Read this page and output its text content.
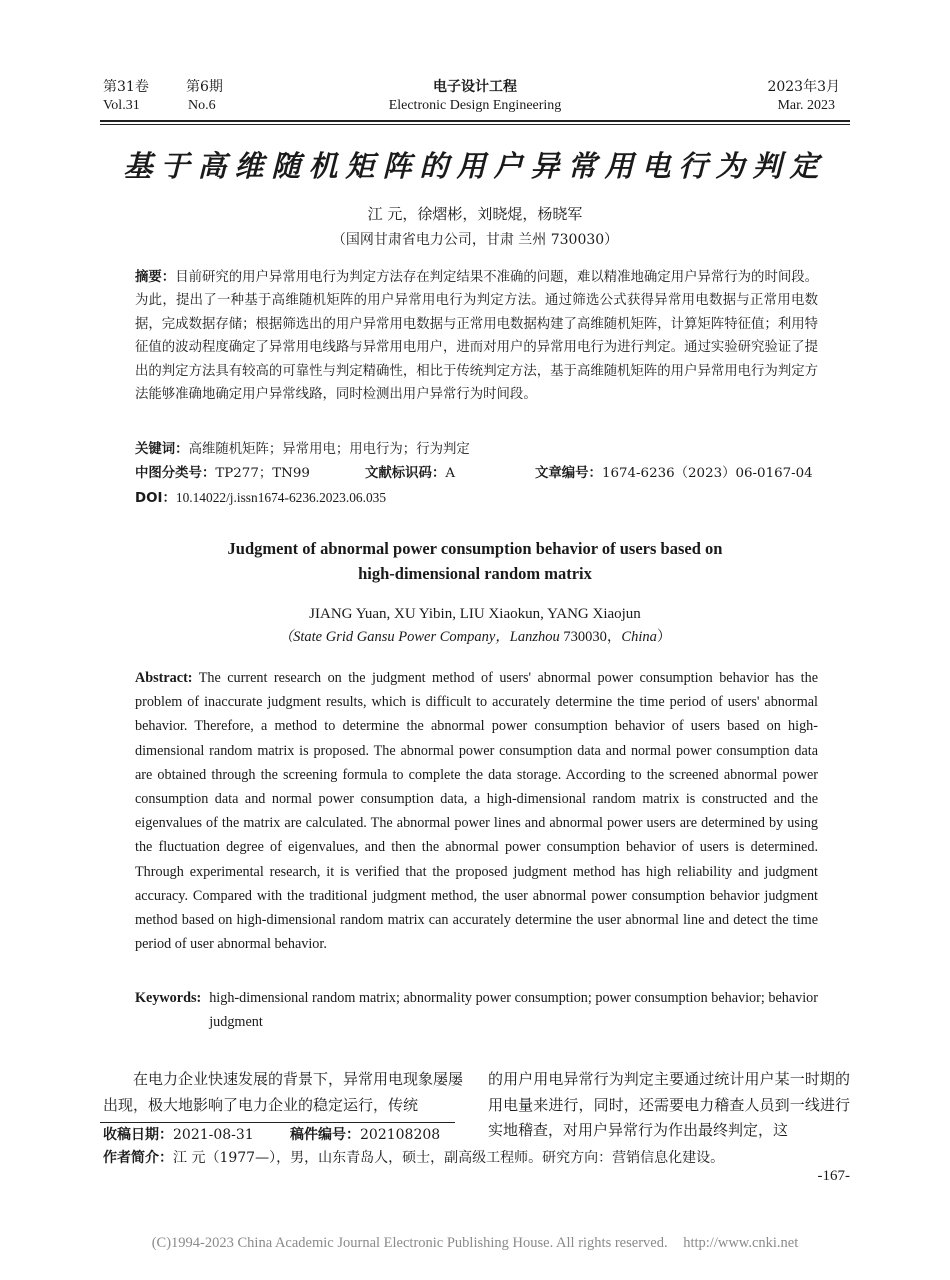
第31卷	第6期	电子设计工程	2023年3月
Vol.31	No.6	Electronic Design Engineering	Mar. 2023
基于高维随机矩阵的用户异常用电行为判定
江 元，徐熠彬，刘晓焜，杨晓军
（国网甘肃省电力公司，甘肃 兰州 730030）
摘要：目前研究的用户异常用电行为判定方法存在判定结果不准确的问题，难以精准地确定用户异常行为的时间段。为此，提出了一种基于高维随机矩阵的用户异常用电行为判定方法。通过筛选公式获得异常用电数据与正常用电数据，完成数据存储；根据筛选出的用户异常用电数据与正常用电数据构建了高维随机矩阵，计算矩阵特征值；利用特征值的波动程度确定了异常用电线路与异常用电用户，进而对用户的异常用电行为进行判定。通过实验研究验证了提出的判定方法具有较高的可靠性与判定精确性，相比于传统判定方法，基于高维随机矩阵的用户异常用电行为判定方法能够准确地确定用户异常线路，同时检测出用户异常行为时间段。
关键词：高维随机矩阵；异常用电；用电行为；行为判定
中图分类号：TP277；TN99	文献标识码：A	文章编号：1674-6236（2023）06-0167-04
DOI：10.14022/j.issn1674-6236.2023.06.035
Judgment of abnormal power consumption behavior of users based on
high-dimensional random matrix
JIANG Yuan, XU Yibin, LIU Xiaokun, YANG Xiaojun
（State Grid Gansu Power Company，Lanzhou 730030，China）
Abstract: The current research on the judgment method of users' abnormal power consumption behavior has the problem of inaccurate judgment results, which is difficult to accurately determine the time period of users' abnormal behavior. Therefore, a method to determine the abnormal power consumption behavior of users based on high-dimensional random matrix is proposed. The abnormal power consumption data and normal power consumption data are obtained through the screening formula to complete the data storage. According to the screened abnormal power consumption data and normal power consumption data, a high-dimensional random matrix is constructed and the eigenvalues of the matrix are calculated. The abnormal power lines and abnormal power users are determined by using the fluctuation degree of eigenvalues, and then the abnormal power consumption behavior of users is determined. Through experimental research, it is verified that the proposed judgment method has high reliability and judgment accuracy. Compared with the traditional judgment method, the user abnormal power consumption behavior judgment method based on high-dimensional random matrix can accurately determine the user abnormal line and detect the time period of user abnormal behavior.
Keywords: high-dimensional random matrix; abnormality power consumption; power consumption behavior; behavior judgment
在电力企业快速发展的背景下，异常用电现象屡屡出现，极大地影响了电力企业的稳定运行，传统
的用户用电异常行为判定主要通过统计用户某一时期的用电量来进行，同时，还需要电力稽查人员到一线进行实地稽查，对用户异常行为作出最终判定，这
收稿日期：2021-08-31	稿件编号：202108208
作者简介：江 元（1977—），男，山东青岛人，硕士，副高级工程师。研究方向：营销信息化建设。
-167-
(C)1994-2023 China Academic Journal Electronic Publishing House. All rights reserved. http://www.cnki.net
